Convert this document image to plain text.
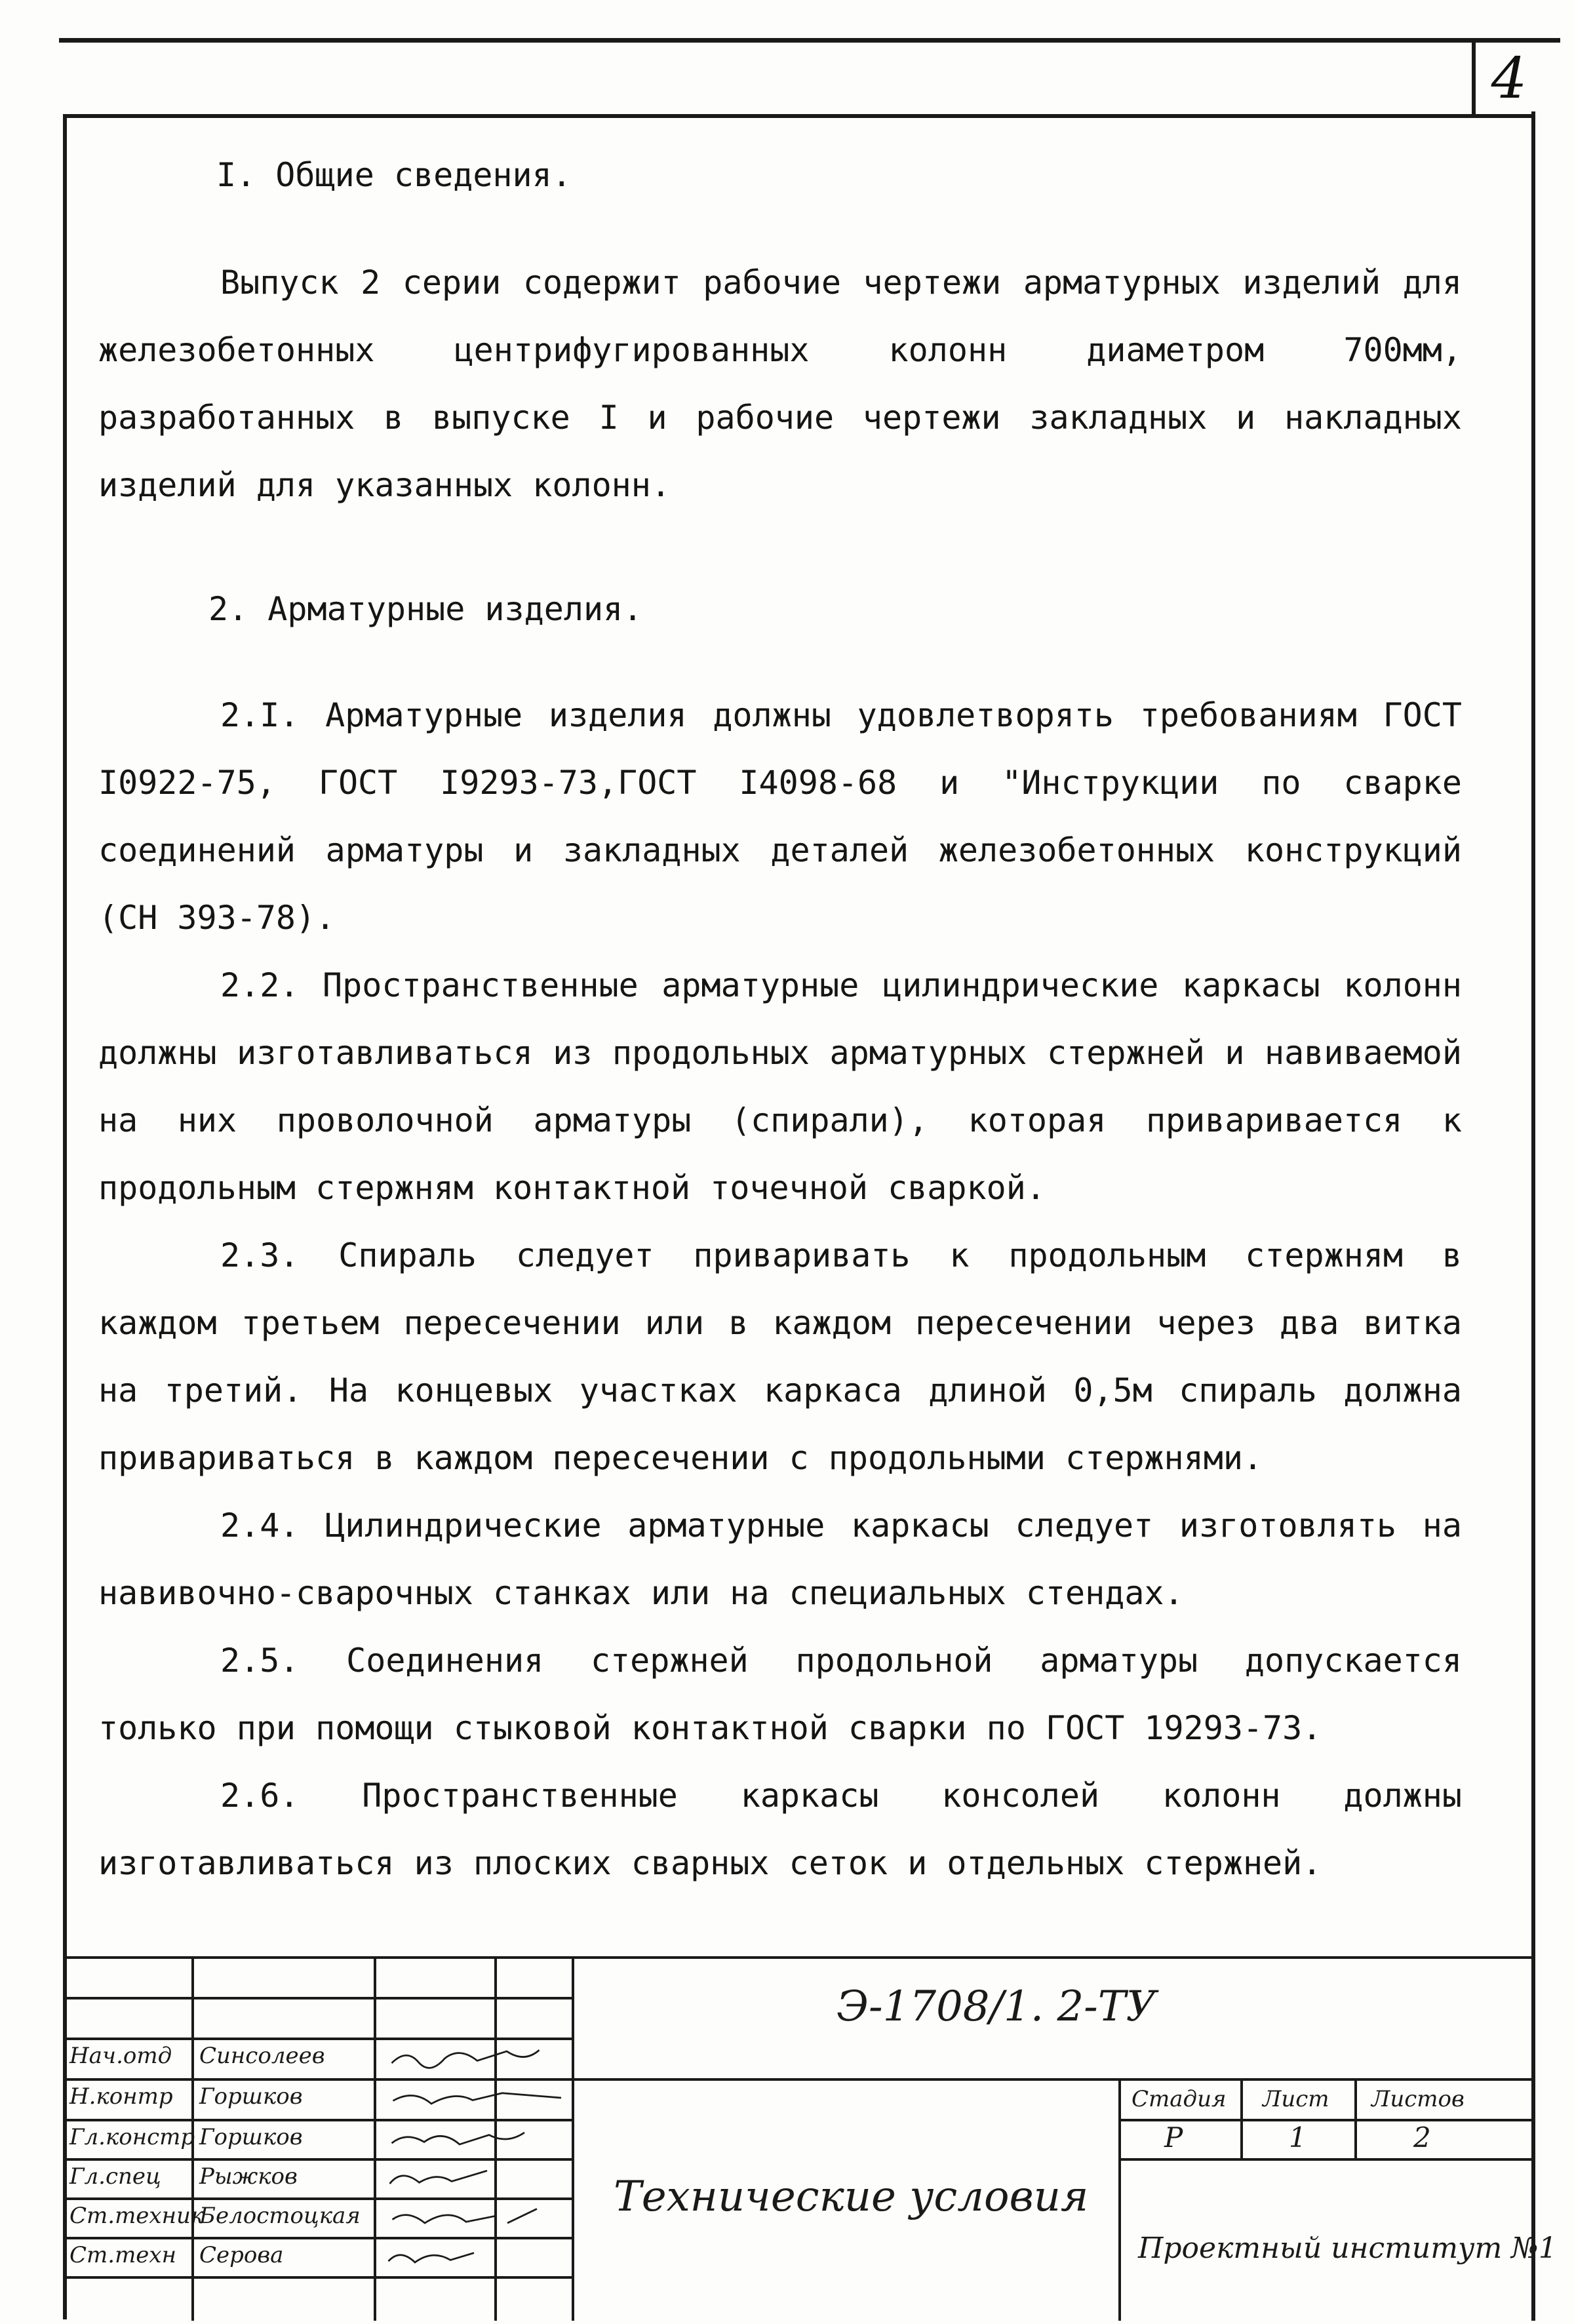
4
I. Общие сведения.

Выпуск 2 серии содержит рабочие чертежи арматурных изделий для железобетонных центрифугированных колонн диаметром 700мм, разработанных в выпуске I и рабочие чертежи закладных и накладных изделий для указанных колонн.

2. Арматурные изделия.

2.I. Арматурные изделия должны удовлетворять требованиям ГОСТ I0922-75, ГОСТ I9293-73,ГОСТ I4098-68 и "Инструкции по сварке соединений арматуры и закладных деталей железобетонных конструкций (СН 393-78).

2.2. Пространственные арматурные цилиндрические каркасы колонн должны изготавливаться из продольных арматурных стержней и навиваемой на них проволочной арматуры (спирали), которая приваривается к продольным стержням контактной точечной сваркой.

2.3. Спираль следует приваривать к продольным стержням в каждом третьем пересечении или в каждом пересечении через два витка на третий. На концевых участках каркаса длиной 0,5м спираль должна привариваться в каждом пересечении с продольными стержнями.

2.4. Цилиндрические арматурные каркасы следует изготовлять на навивочно-сварочных станках или на специальных стендах.

2.5. Соединения стержней продольной арматуры допускается только при помощи стыковой контактной сварки по ГОСТ 19293-73.

2.6. Пространственные каркасы консолей колонн должны изготавливаться из плоских сварных сеток и отдельных стержней.

Э-1708/1. 2-ТУ
Технические условия
Стадия Лист Листов
Р	1	2
Проектный институт №1
Нач.отд Синсолеев
Н.контр Горшков
Гл.констр Горшков
Гл.спец Рыжков
Ст.техник
Белостоцкая
Ст.техн Серова
